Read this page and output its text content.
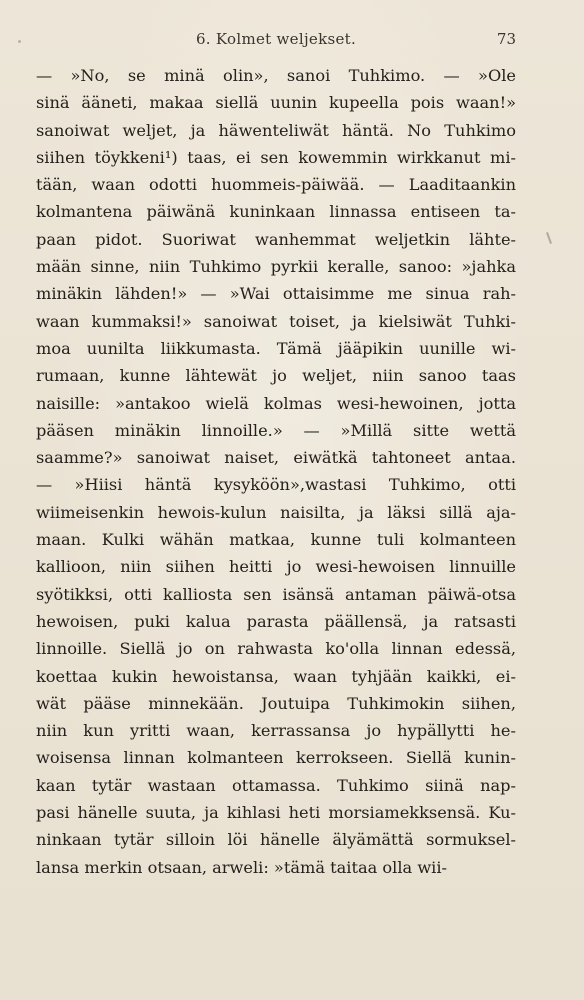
6. Kolmet weljekset.	73
— »No, se minä olin», sanoi Tuhkimo. — »Ole
sinä ääneti, makaa siellä uunin kupeella pois waan!»
sanoiwat weljet, ja häwenteliwät häntä. No Tuhkimo
siihen töykkeni¹) taas, ei sen kowemmin wirkkanut mi-
tään, waan odotti huommeis-päiwää. — Laaditaankin
kolmantena päiwänä kuninkaan linnassa entiseen ta-
paan pidot. Suoriwat wanhemmat weljetkin lähte-
mään sinne, niin Tuhkimo pyrkii keralle, sanoo: »jahka
minäkin lähden!» — »Wai ottaisimme me sinua rah-
waan kummaksi!» sanoiwat toiset, ja kielsiwät Tuhki-
moa uunilta liikkumasta. Tämä jääpikin uunille wi-
rumaan, kunne lähtewät jo weljet, niin sanoo taas
naisille: »antakoo wielä kolmas wesi-hewoinen, jotta
pääsen minäkin linnoille.» — »Millä sitte wettä
saamme?» sanoiwat naiset, eiwätkä tahtoneet antaa.
— »Hiisi häntä kysyköön»,wastasi Tuhkimo, otti
wiimeisenkin hewois-kulun naisilta, ja läksi sillä aja-
maan. Kulki wähän matkaa, kunne tuli kolmanteen
kallioon, niin siihen heitti jo wesi-hewoisen linnuille
syötikksi, otti kalliosta sen isänsä antaman päiwä-otsa
hewoisen, puki kalua parasta päällensä, ja ratsasti
linnoille. Siellä jo on rahwasta ko'olla linnan edessä,
koettaa kukin hewoistansa, waan tyhjään kaikki, ei-
wät pääse minnekään. Joutuipa Tuhkimokin siihen,
niin kun yritti waan, kerrassansa jo hypällytti he-
woisensa linnan kolmanteen kerrokseen. Siellä kunin-
kaan tytär wastaan ottamassa. Tuhkimo siinä nap-
pasi hänelle suuta, ja kihlasi heti morsiamekksensä. Ku-
ninkaan tytär silloin löi hänelle älyämättä sormuksel-
lansa merkin otsaan, arweli: »tämä taitaa olla wii-
